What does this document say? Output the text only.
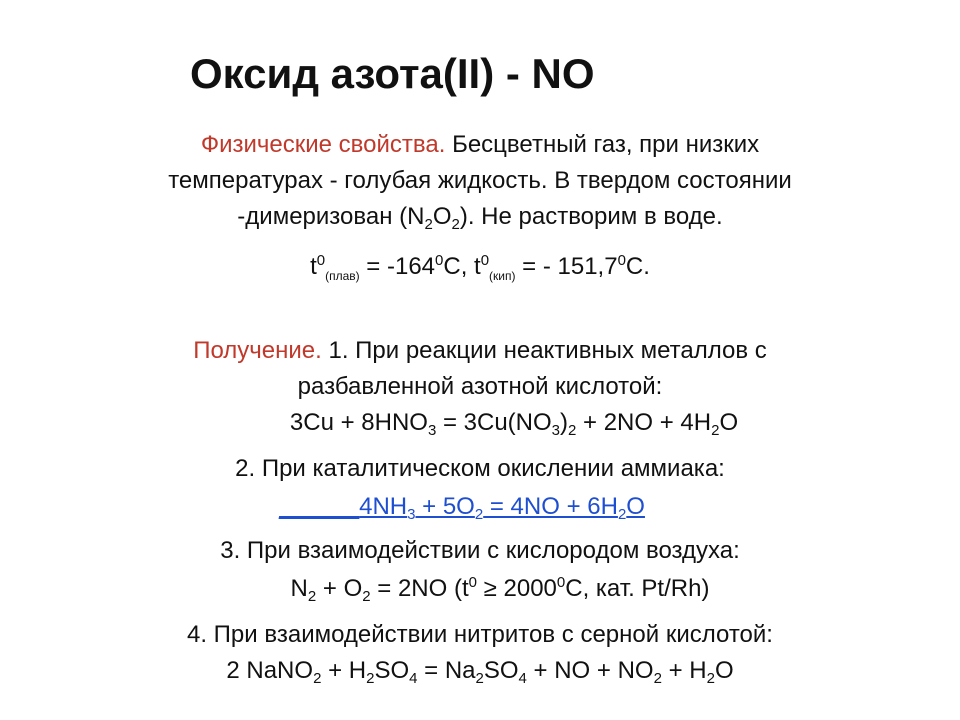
Оксид азота(II) - NO
Физические свойства. Бесцветный газ, при низких
температурах - голубая жидкость. В твердом состоянии
-димеризован $(N_2O_2)$. Не растворим в воде.
$t^0_{(плав)} = -164^0C$, $t^0_{(кип)}$ = - 151,7$^0$C.
Получение. 1. При реакции неактивных металлов с
разбавленной азотной кислотой:
$3Cu + 8HNO_3 = 3Cu(NO_3)_2 + 2NO + 4H_2O$
2. При каталитическом окислении аммиака:
$\_\_\_\_\_\_4NH_3 + 5O_2 = 4NO + 6H_2O$
3. При взаимодействии с кислородом воздуха:
$N_2 + O_2 = 2NO$ ($t^0 \ge 2000^0C$, кат. Pt/Rh)
4. При взаимодействии нитритов с серной кислотой:
2 NaNO$_2$ + $H_2SO_4 = Na_2SO_4$ + NO + $NO_2 + H_2O$
